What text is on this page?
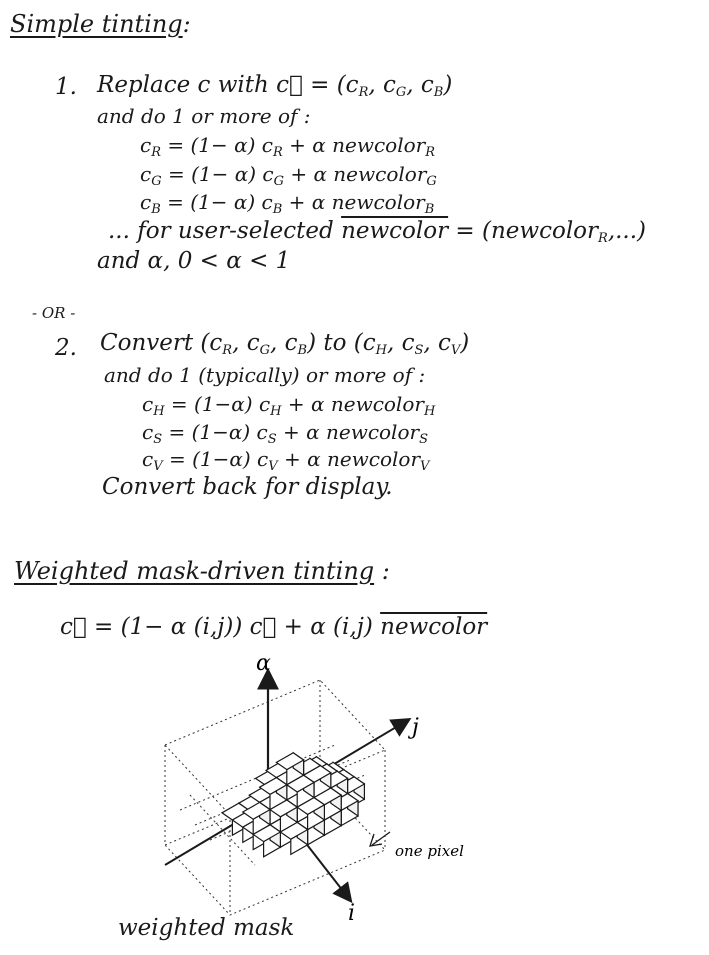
Simple tinting:
1. Replace c with c⃗ = (cR, cG, cB)
and do 1 or more of :
$c_R = (1- \alpha) c_R + \alpha$ newcolor$_R$
$c_G = (1- \alpha) c_G + \alpha$ newcolor$_G$
$c_B = (1- \alpha) c_B + \alpha$ newcolor$_B$
... for user-selected newcolor = (newcolorR,...)
and α, 0 < α < 1
- OR -
2. Convert (cR, cG, cB) to (cH, cS, cV)
and do 1 (typically) or more of :
$c_H = (1-\alpha) c_H + \alpha$ newcolor$_H$
$c_S = (1-\alpha) c_S + \alpha$ newcolor$_S$
$c_V = (1-\alpha) c_V + \alpha$ newcolor$_V$
Convert back for display.
Weighted mask-driven tinting :
c⃗ = (1− α (i,j)) c⃗ + α (i,j) newcolor
α
j
i
one pixel
weighted mask
